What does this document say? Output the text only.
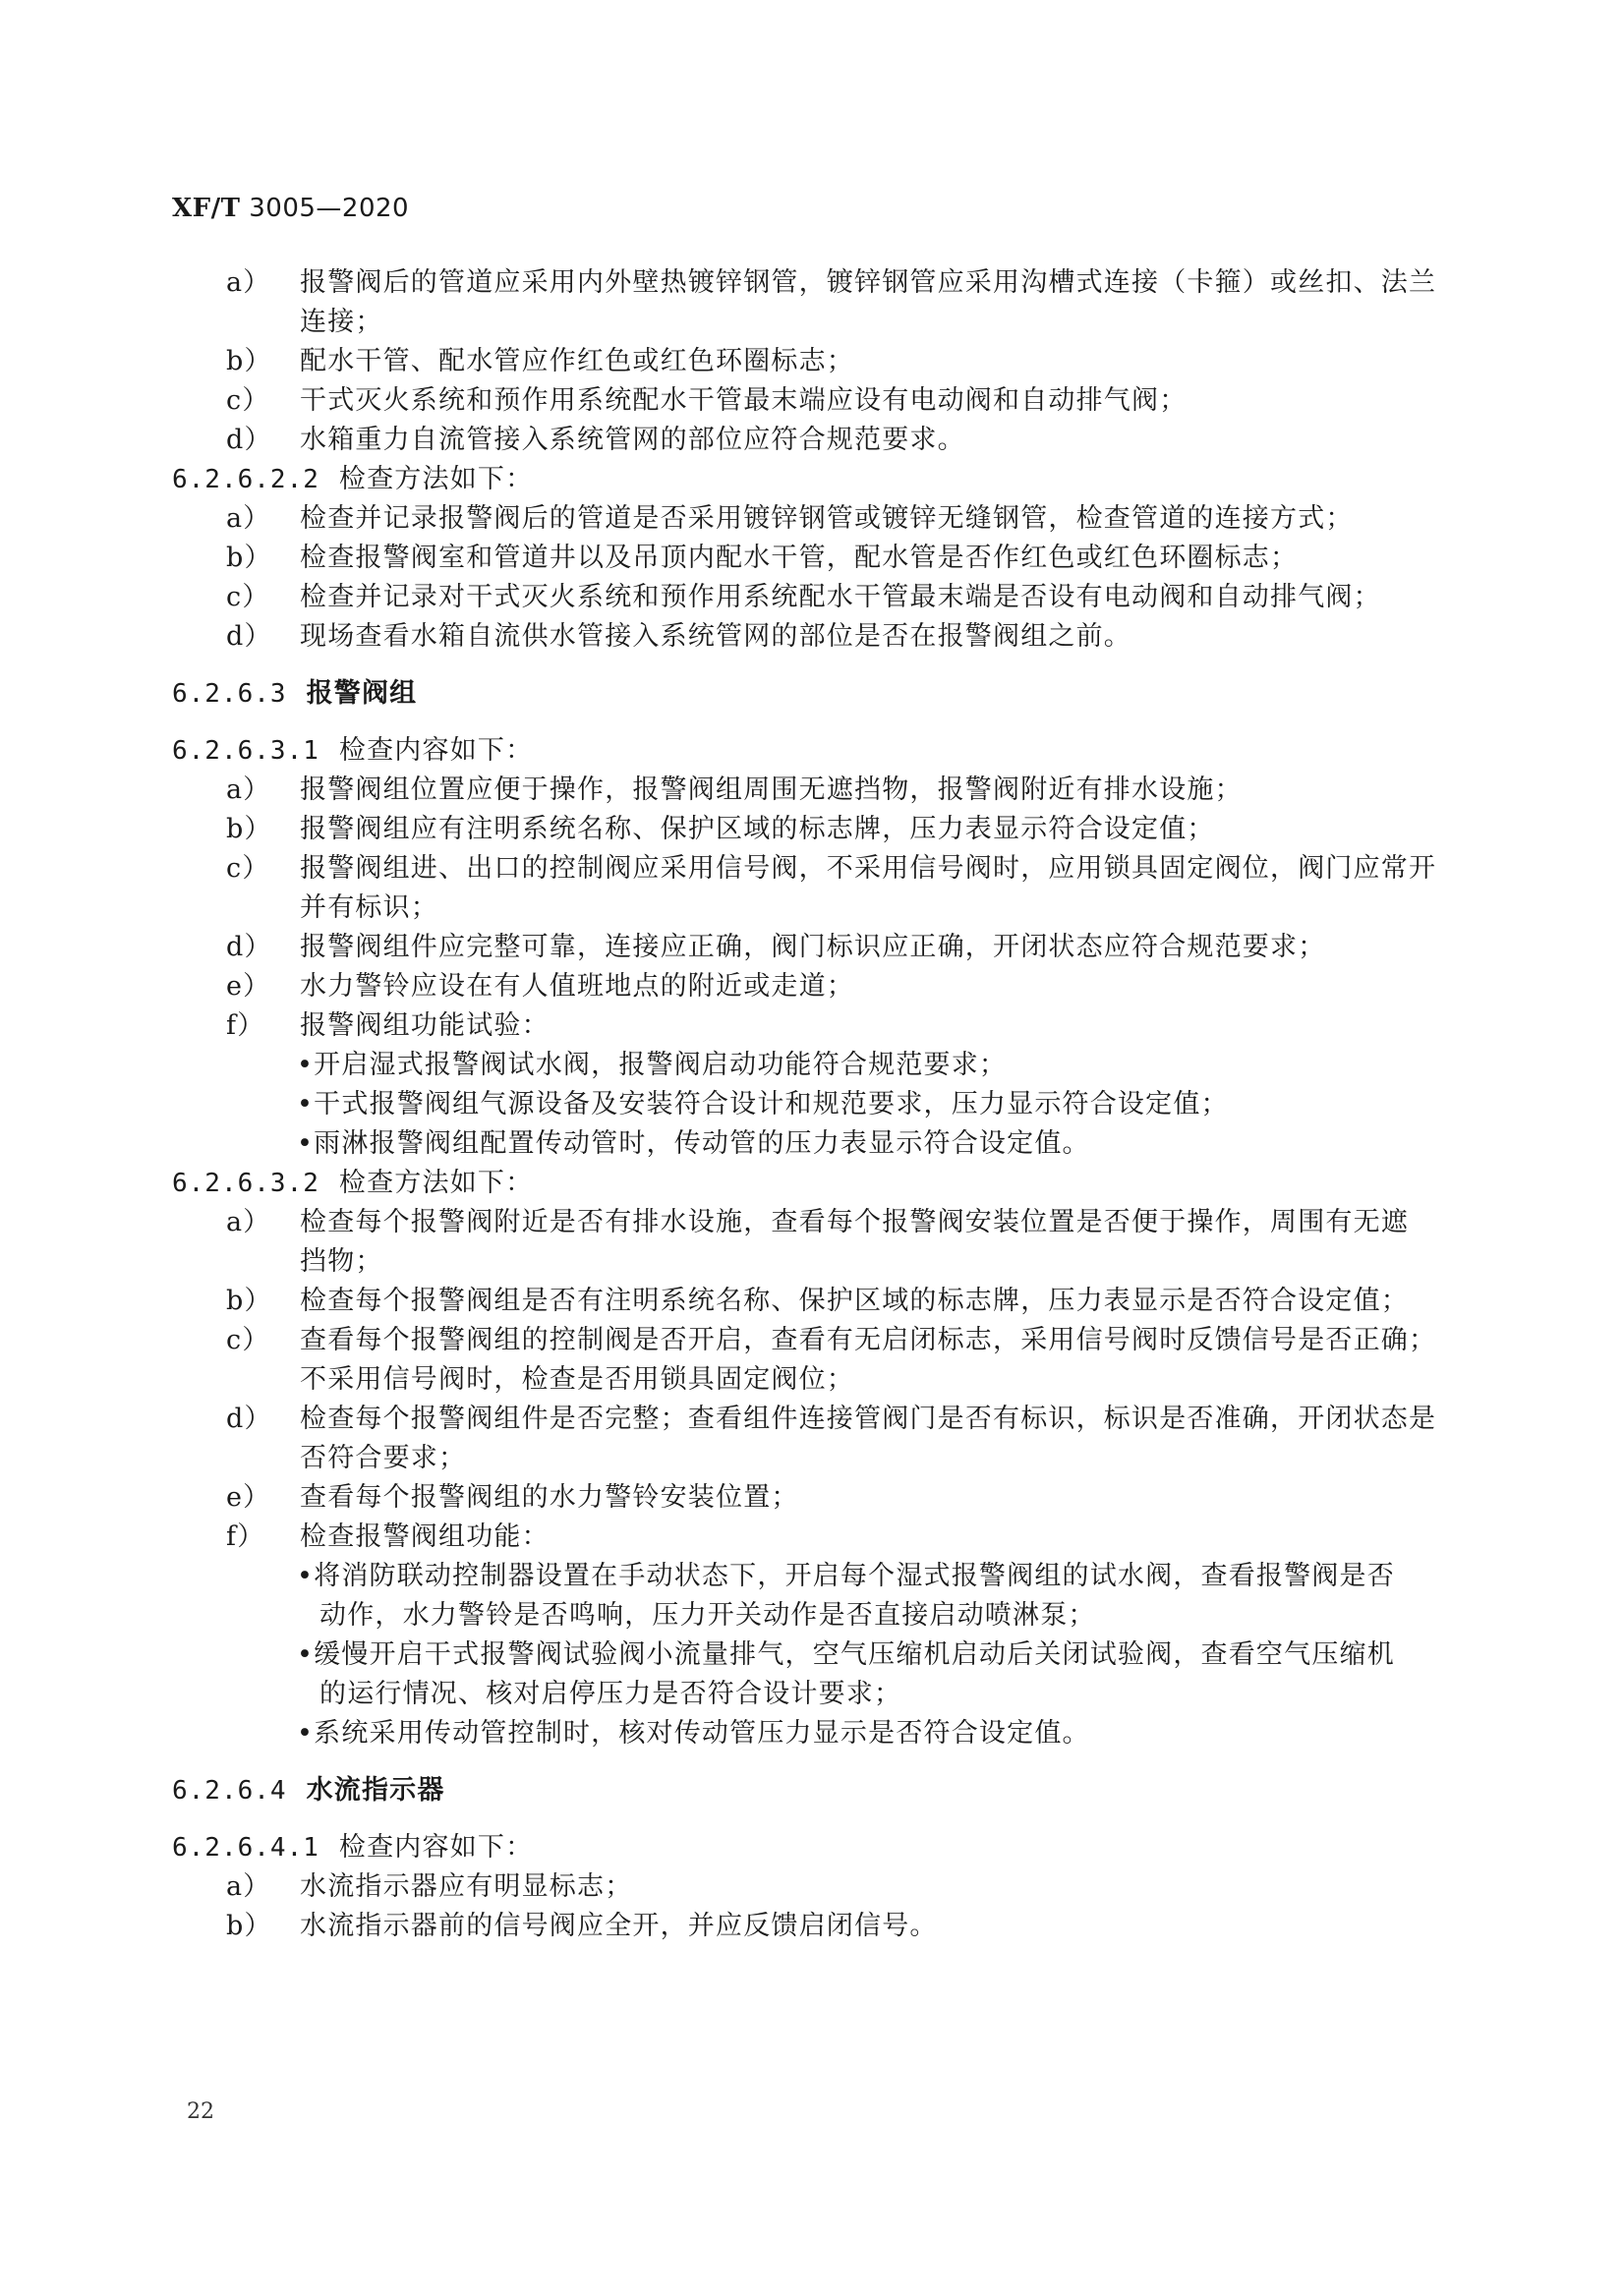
XF/T 3005—2020
a）	报警阀后的管道应采用内外壁热镀锌钢管，镀锌钢管应采用沟槽式连接（卡箍）或丝扣、法兰
连接；
b）	配水干管、配水管应作红色或红色环圈标志；
c）	干式灭火系统和预作用系统配水干管最末端应设有电动阀和自动排气阀；
d）	水箱重力自流管接入系统管网的部位应符合规范要求。
6.2.6.2.2 检查方法如下：
a）	检查并记录报警阀后的管道是否采用镀锌钢管或镀锌无缝钢管，检查管道的连接方式；
b）	检查报警阀室和管道井以及吊顶内配水干管，配水管是否作红色或红色环圈标志；
c）	检查并记录对干式灭火系统和预作用系统配水干管最末端是否设有电动阀和自动排气阀；
d）	现场查看水箱自流供水管接入系统管网的部位是否在报警阀组之前。
6.2.6.3 报警阀组
6.2.6.3.1 检查内容如下：
a）	报警阀组位置应便于操作，报警阀组周围无遮挡物，报警阀附近有排水设施；
b）	报警阀组应有注明系统名称、保护区域的标志牌，压力表显示符合设定值；
c）	报警阀组进、出口的控制阀应采用信号阀，不采用信号阀时，应用锁具固定阀位，阀门应常开
并有标识；
d）	报警阀组件应完整可靠，连接应正确，阀门标识应正确，开闭状态应符合规范要求；
e）	水力警铃应设在有人值班地点的附近或走道；
f）	报警阀组功能试验：
•开启湿式报警阀试水阀，报警阀启动功能符合规范要求；
•干式报警阀组气源设备及安装符合设计和规范要求，压力显示符合设定值；
•雨淋报警阀组配置传动管时，传动管的压力表显示符合设定值。
6.2.6.3.2 检查方法如下：
a）	检查每个报警阀附近是否有排水设施，查看每个报警阀安装位置是否便于操作，周围有无遮
挡物；
b）	检查每个报警阀组是否有注明系统名称、保护区域的标志牌，压力表显示是否符合设定值；
c）	查看每个报警阀组的控制阀是否开启，查看有无启闭标志，采用信号阀时反馈信号是否正确；
不采用信号阀时，检查是否用锁具固定阀位；
d）	检查每个报警阀组件是否完整；查看组件连接管阀门是否有标识，标识是否准确，开闭状态是
否符合要求；
e）	查看每个报警阀组的水力警铃安装位置；
f）	检查报警阀组功能：
•将消防联动控制器设置在手动状态下，开启每个湿式报警阀组的试水阀，查看报警阀是否
动作，水力警铃是否鸣响，压力开关动作是否直接启动喷淋泵；
•缓慢开启干式报警阀试验阀小流量排气，空气压缩机启动后关闭试验阀，查看空气压缩机
的运行情况、核对启停压力是否符合设计要求；
•系统采用传动管控制时，核对传动管压力显示是否符合设定值。
6.2.6.4 水流指示器
6.2.6.4.1 检查内容如下：
a）	水流指示器应有明显标志；
b）	水流指示器前的信号阀应全开，并应反馈启闭信号。
22
